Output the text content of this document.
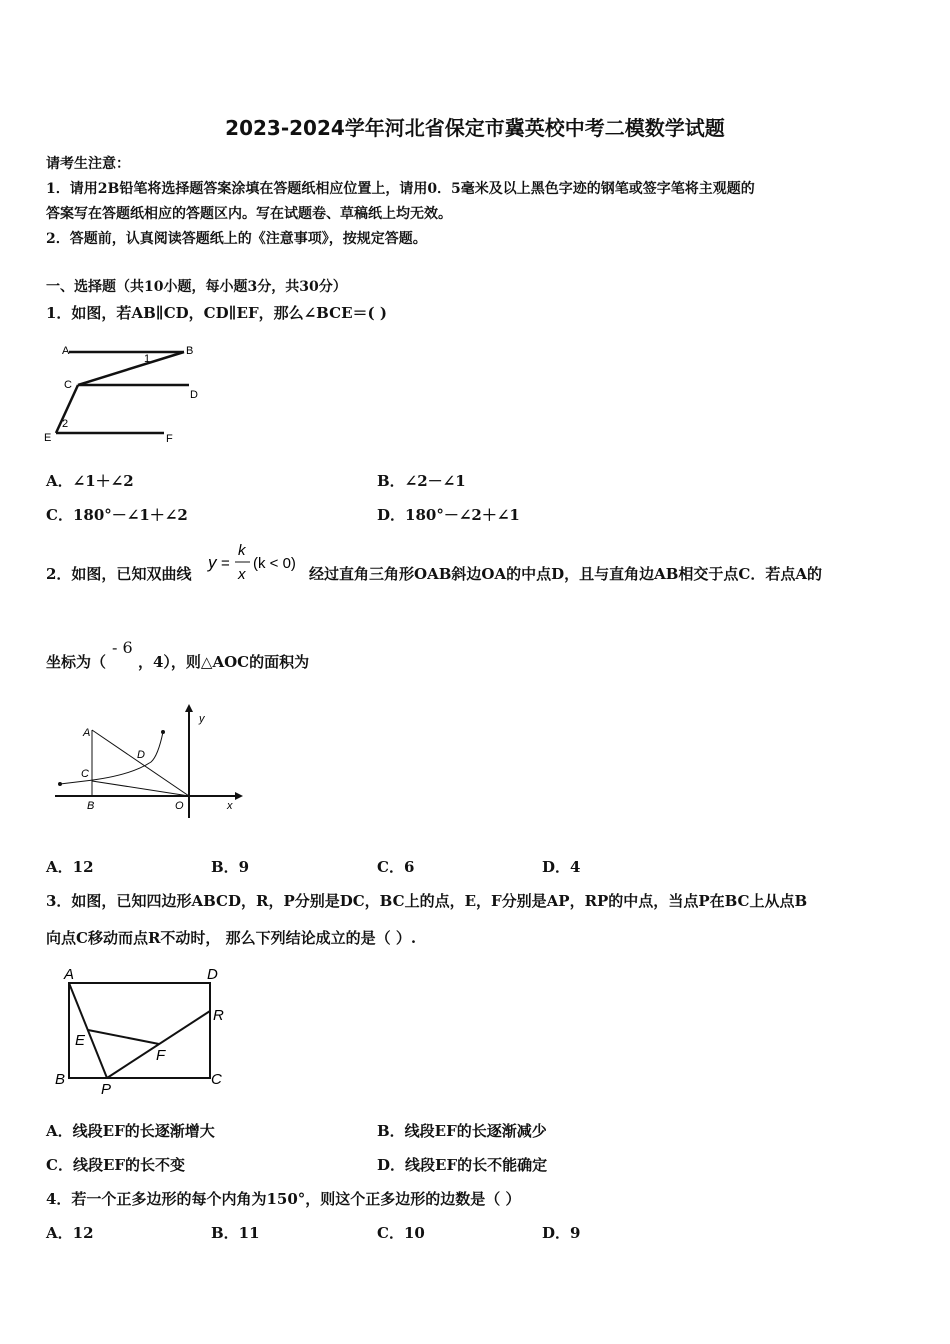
2023-2024学年河北省保定市冀英校中考二模数学试题
请考生注意：
1．请用2B铅笔将选择题答案涂填在答题纸相应位置上，请用0．5毫米及以上黑色字迹的钢笔或签字笔将主观题的
答案写在答题纸相应的答题区内。写在试题卷、草稿纸上均无效。
2．答题前，认真阅读答题纸上的《注意事项》，按规定答题。
一、选择题（共10小题，每小题3分，共30分）
1．如图，若AB∥CD，CD∥EF，那么∠BCE＝( )
A	B
C
D
E	F
1
2
A．∠1＋∠2	B．∠2－∠1
C．180°－∠1＋∠2	D．180°－∠2＋∠1
2．如图，已知双曲线
y =
k
x
(k < 0)
经过直角三角形OAB斜边OA的中点D，且与直角边AB相交于点C．若点A的
坐标为（
- 6
，4），则△AOC的面积为
A
B
C
D
O	x
y
A．12	B．9	C．6	D．4
3．如图，已知四边形ABCD，R，P分别是DC，BC上的点，E，F分别是AP，RP的中点，当点P在BC上从点B
向点C移动而点R不动时， 那么下列结论成立的是（ ）.
A	D
B	C
P
E
F
R
A．线段EF的长逐渐增大	B．线段EF的长逐渐减少
C．线段EF的长不变	D．线段EF的长不能确定
4．若一个正多边形的每个内角为150°，则这个正多边形的边数是（ ）
A．12	B．11	C．10	D．9
